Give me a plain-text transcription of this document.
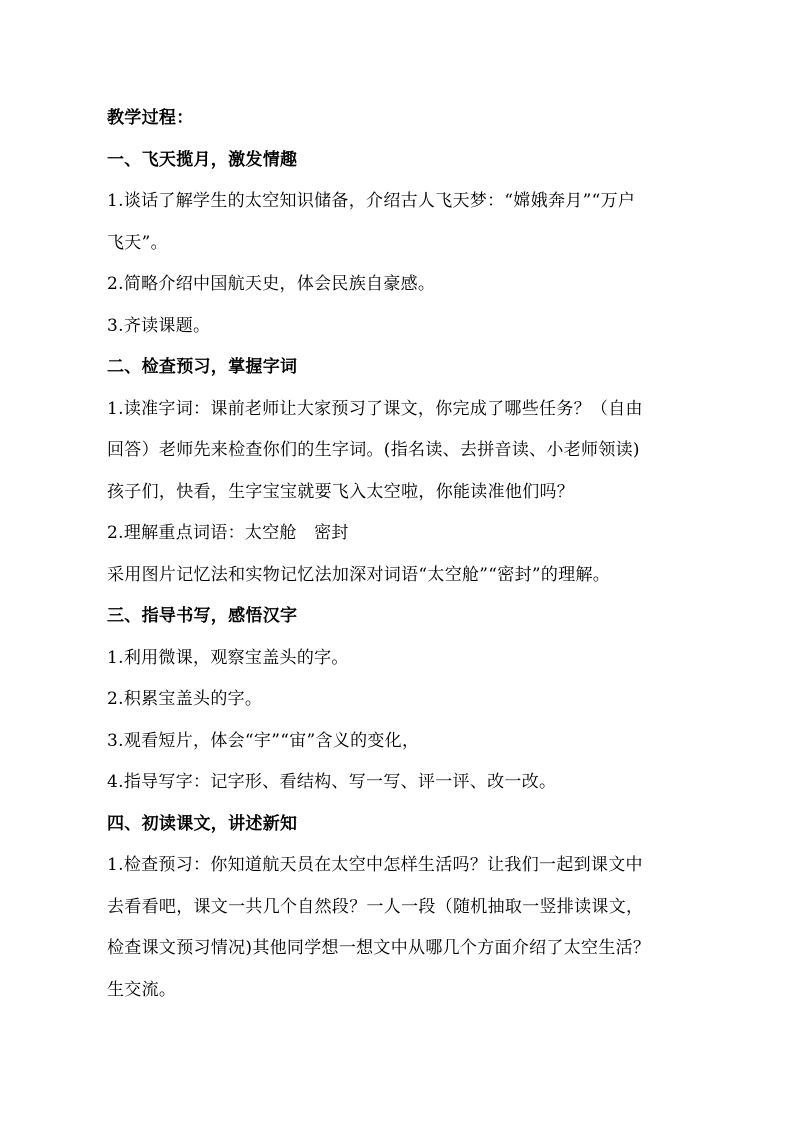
教学过程：
一、飞天揽月，激发情趣
1.谈话了解学生的太空知识储备，介绍古人飞天梦：“嫦娥奔月”“万户
飞天”。
2.简略介绍中国航天史，体会民族自豪感。
3.齐读课题。
二、检查预习，掌握字词
1.读准字词：课前老师让大家预习了课文，你完成了哪些任务？（自由
回答）老师先来检查你们的生字词。(指名读、去拼音读、小老师领读)
孩子们，快看，生字宝宝就要飞入太空啦，你能读准他们吗？
2.理解重点词语：太空舱　密封
采用图片记忆法和实物记忆法加深对词语“太空舱”“密封”的理解。
三、指导书写，感悟汉字
1.利用微课，观察宝盖头的字。
2.积累宝盖头的字。
3.观看短片，体会“宇”“宙”含义的变化，
4.指导写字：记字形、看结构、写一写、评一评、改一改。
四、初读课文，讲述新知
1.检查预习：你知道航天员在太空中怎样生活吗？让我们一起到课文中
去看看吧，课文一共几个自然段？一人一段（随机抽取一竖排读课文，
检查课文预习情况)其他同学想一想文中从哪几个方面介绍了太空生活？
生交流。
